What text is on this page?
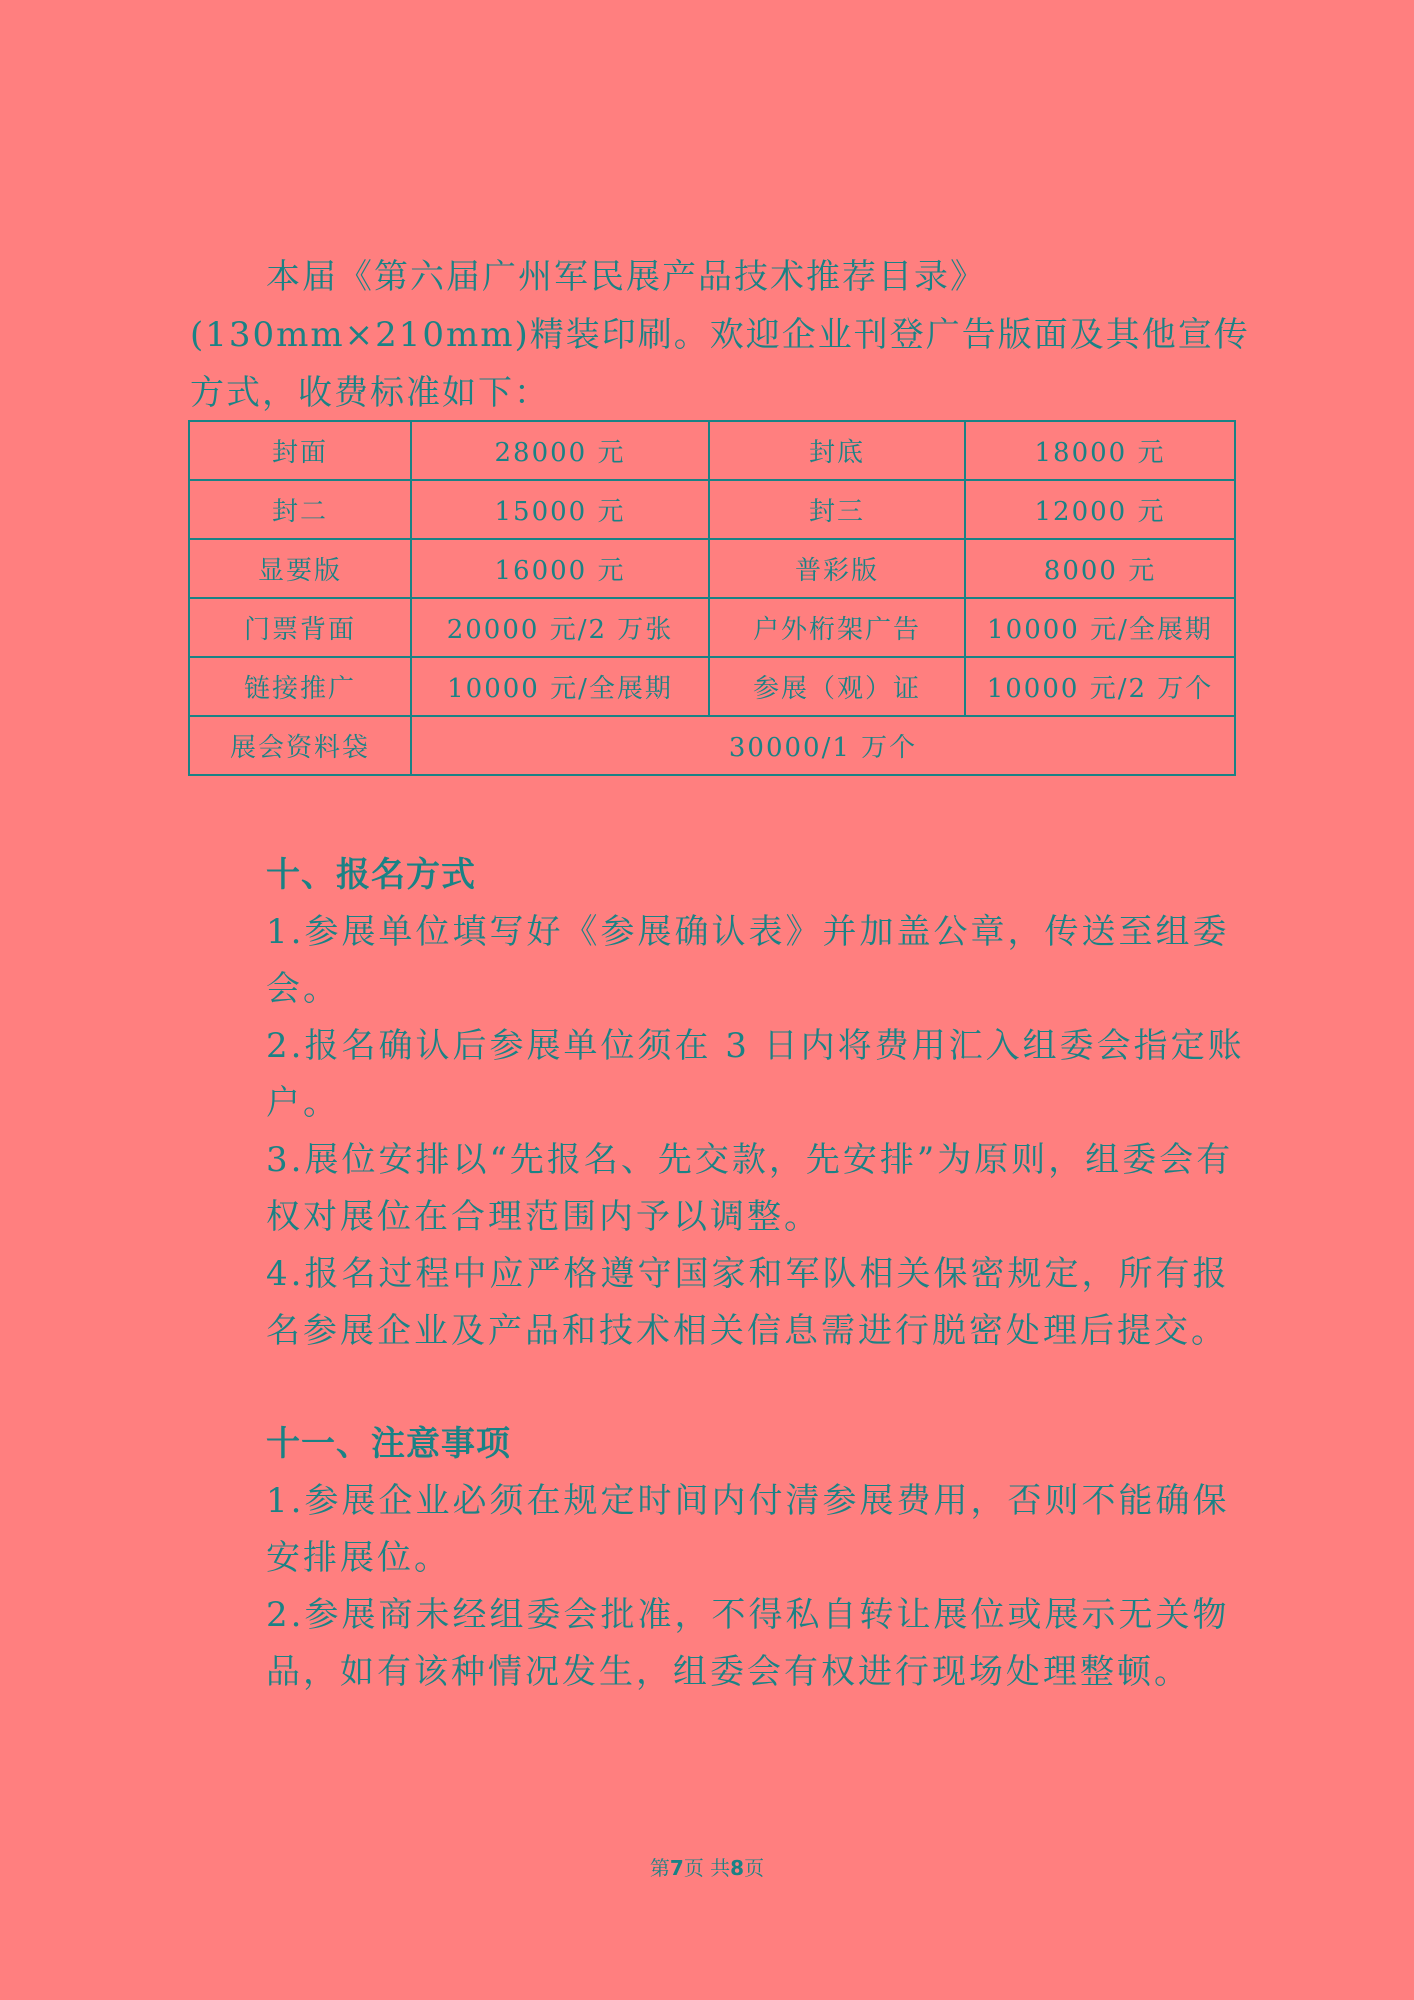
本届《第六届广州军民展产品技术推荐目录》(130mm×210mm)精装印刷。欢迎企业刊登广告版面及其他宣传方式，收费标准如下：

封面	28000 元	封底	18000 元
封二	15000 元	封三	12000 元
显要版	16000 元	普彩版	8000 元
门票背面	20000 元/2 万张	户外桁架广告	10000 元/全展期
链接推广	10000 元/全展期	参展（观）证	10000 元/2 万个
展会资料袋	30000/1 万个		
十、报名方式

1.参展单位填写好《参展确认表》并加盖公章，传送至组委会。

2.报名确认后参展单位须在 3 日内将费用汇入组委会指定账户。

3.展位安排以“先报名、先交款，先安排”为原则，组委会有权对展位在合理范围内予以调整。

4.报名过程中应严格遵守国家和军队相关保密规定，所有报名参展企业及产品和技术相关信息需进行脱密处理后提交。

十一、注意事项

1.参展企业必须在规定时间内付清参展费用，否则不能确保安排展位。

2.参展商未经组委会批准，不得私自转让展位或展示无关物品，如有该种情况发生，组委会有权进行现场处理整顿。

第7页 共8页
